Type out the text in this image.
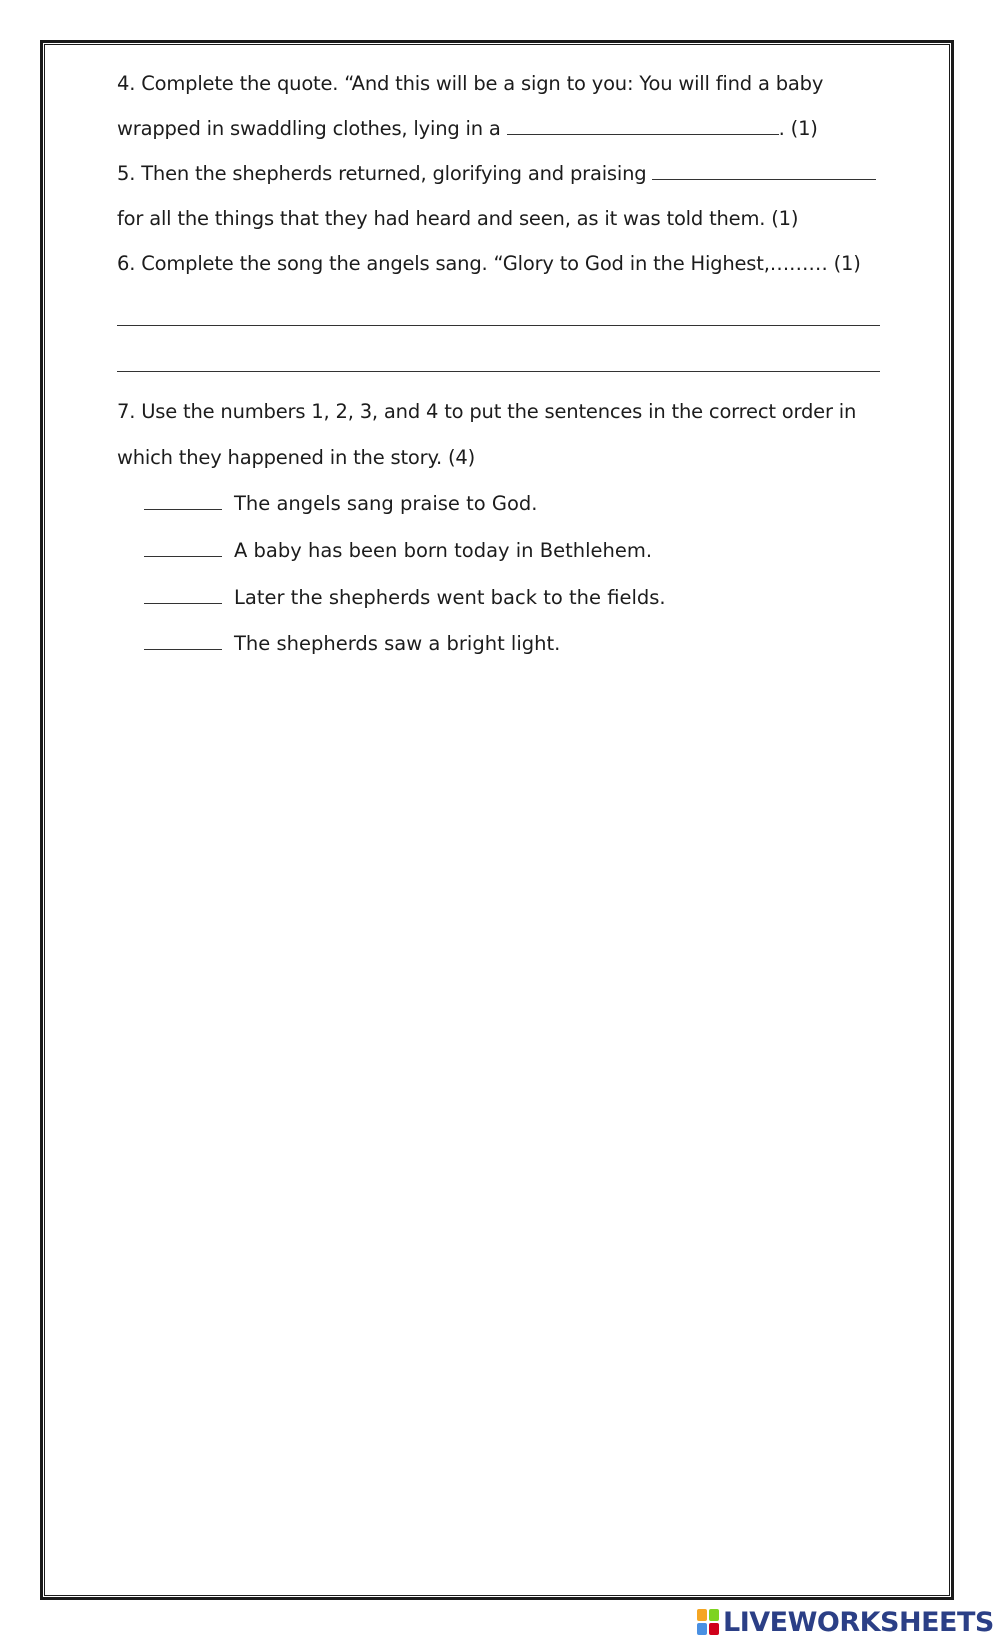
4. Complete the quote. “And this will be a sign to you: You will find a baby
wrapped in swaddling clothes, lying in a	. (1)
5. Then the shepherds returned, glorifying and praising
for all the things that they had heard and seen, as it was told them. (1)
6. Complete the song the angels sang. “Glory to God in the Highest,……… (1)
7. Use the numbers 1, 2, 3, and 4 to put the sentences in the correct order in
which they happened in the story. (4)
The angels sang praise to God.
A baby has been born today in Bethlehem.
Later the shepherds went back to the fields.
The shepherds saw a bright light.
LIVEWORKSHEETS
